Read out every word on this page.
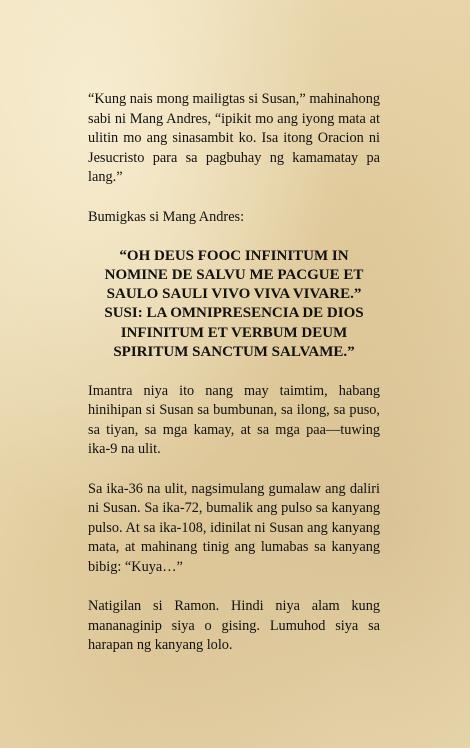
“Kung nais mong mailigtas si Susan,” mahinahong sabi ni Mang Andres, “ipikit mo ang iyong mata at ulitin mo ang sinasambit ko. Isa itong Oracion ni Jesucristo para sa pagbuhay ng kamamatay pa lang.”

Bumigkas si Mang Andres:

“OH DEUS FOOC INFINITUM IN
NOMINE DE SALVU ME PACGUE ET
SAULO SAULI VIVO VIVA VIVARE.”
SUSI: LA OMNIPRESENCIA DE DIOS
INFINITUM ET VERBUM DEUM
SPIRITUM SANCTUM SALVAME.”

Imantra niya ito nang may taimtim, habang hinihipan si Susan sa bumbunan, sa ilong, sa puso, sa tiyan, sa mga kamay, at sa mga paa—tuwing ika-9 na ulit.

Sa ika-36 na ulit, nagsimulang gumalaw ang daliri ni Susan. Sa ika-72, bumalik ang pulso sa kanyang pulso. At sa ika-108, idinilat ni Susan ang kanyang mata, at mahinang tinig ang lumabas sa kanyang bibig: “Kuya…”

Natigilan si Ramon. Hindi niya alam kung mananaginip siya o gising. Lumuhod siya sa harapan ng kanyang lolo.
